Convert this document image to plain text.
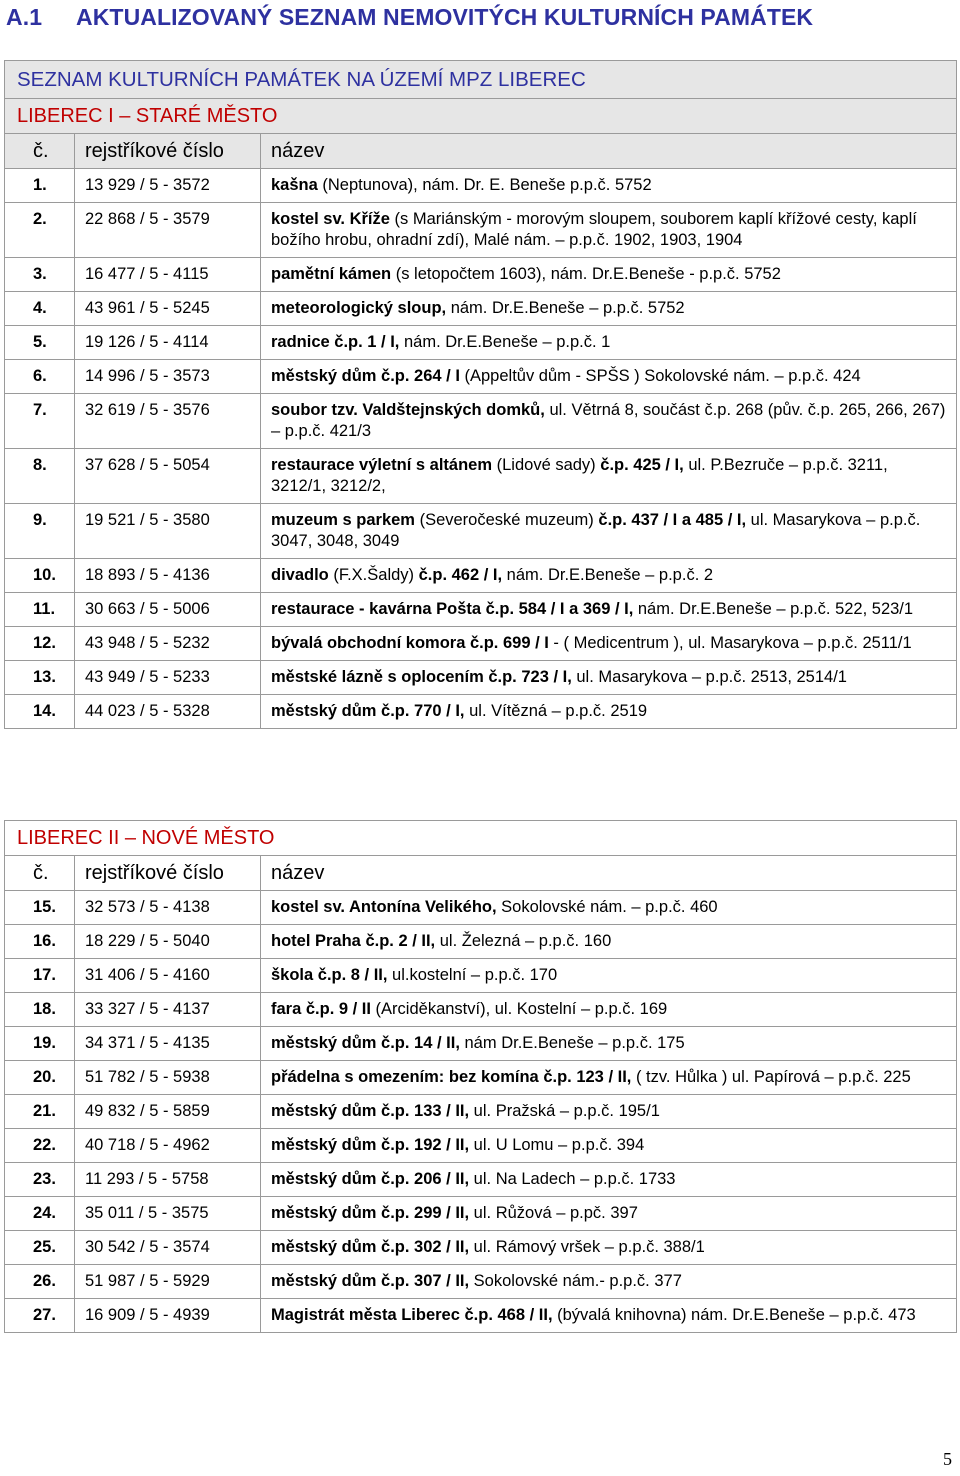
A.1 AKTUALIZOVANÝ SEZNAM NEMOVITÝCH KULTURNÍCH PAMÁTEK
SEZNAM KULTURNÍCH PAMÁTEK NA ÚZEMÍ MPZ LIBEREC		
LIBEREC I – STARÉ MĚSTO		
č.	rejstříkové číslo	název
1.	13 929 / 5 - 3572	kašna (Neptunova), nám. Dr. E. Beneše p.p.č. 5752
2.	22 868 / 5 - 3579	kostel sv. Kříže (s Mariánským - morovým sloupem, souborem kaplí křížové cesty, kaplí božího hrobu, ohradní zdí), Malé nám. – p.p.č. 1902, 1903, 1904
3.	16 477 / 5 - 4115	pamětní kámen (s letopočtem 1603), nám. Dr.E.Beneše - p.p.č. 5752
4.	43 961 / 5 - 5245	meteorologický sloup, nám. Dr.E.Beneše – p.p.č. 5752
5.	19 126 / 5 - 4114	radnice č.p. 1 / I, nám. Dr.E.Beneše – p.p.č. 1
6.	14 996 / 5 - 3573	městský dům č.p. 264 / I (Appeltův dům - SPŠS ) Sokolovské nám. – p.p.č. 424
7.	32 619 / 5 - 3576	soubor tzv. Valdštejnských domků, ul. Větrná 8, součást č.p. 268 (pův. č.p. 265, 266, 267) – p.p.č. 421/3
8.	37 628 / 5 - 5054	restaurace výletní s altánem (Lidové sady) č.p. 425 / I, ul. P.Bezruče – p.p.č. 3211, 3212/1, 3212/2,
9.	19 521 / 5 - 3580	muzeum s parkem (Severočeské muzeum) č.p. 437 / I a 485 / I, ul. Masarykova – p.p.č. 3047, 3048, 3049
10.	18 893 / 5 - 4136	divadlo (F.X.Šaldy) č.p. 462 / I, nám. Dr.E.Beneše – p.p.č. 2
11.	30 663 / 5 - 5006	restaurace - kavárna Pošta č.p. 584 / I a 369 / I, nám. Dr.E.Beneše – p.p.č. 522, 523/1
12.	43 948 / 5 - 5232	bývalá obchodní komora č.p. 699 / I - ( Medicentrum ), ul. Masarykova – p.p.č. 2511/1
13.	43 949 / 5 - 5233	městské lázně s oplocením č.p. 723 / I, ul. Masarykova – p.p.č. 2513, 2514/1
14.	44 023 / 5 - 5328	městský dům č.p. 770 / I, ul. Vítězná – p.p.č. 2519
LIBEREC II – NOVÉ MĚSTO		
č.	rejstříkové číslo	název
15.	32 573 / 5 - 4138	kostel sv. Antonína Velikého, Sokolovské nám. – p.p.č. 460
16.	18 229 / 5 - 5040	hotel Praha č.p. 2 / II, ul. Železná – p.p.č. 160
17.	31 406 / 5 - 4160	škola č.p. 8 / II, ul.kostelní – p.p.č. 170
18.	33 327 / 5 - 4137	fara č.p. 9 / II (Arciděkanství), ul. Kostelní – p.p.č. 169
19.	34 371 / 5 - 4135	městský dům č.p. 14 / II, nám Dr.E.Beneše – p.p.č. 175
20.	51 782 / 5 - 5938	přádelna s omezením: bez komína č.p. 123 / II, ( tzv. Hůlka ) ul. Papírová – p.p.č. 225
21.	49 832 / 5 - 5859	městský dům č.p. 133 / II, ul. Pražská – p.p.č. 195/1
22.	40 718 / 5 - 4962	městský dům č.p. 192 / II, ul. U Lomu – p.p.č. 394
23.	11 293 / 5 - 5758	městský dům č.p. 206 / II, ul. Na Ladech – p.p.č. 1733
24.	35 011 / 5 - 3575	městský dům č.p. 299 / II, ul. Růžová – p.pč. 397
25.	30 542 / 5 - 3574	městský dům č.p. 302 / II, ul. Rámový vršek – p.p.č. 388/1
26.	51 987 / 5 - 5929	městský dům č.p. 307 / II, Sokolovské nám.- p.p.č. 377
27.	16 909 / 5 - 4939	Magistrát města Liberec č.p. 468 / II, (bývalá knihovna) nám. Dr.E.Beneše – p.p.č. 473
5
